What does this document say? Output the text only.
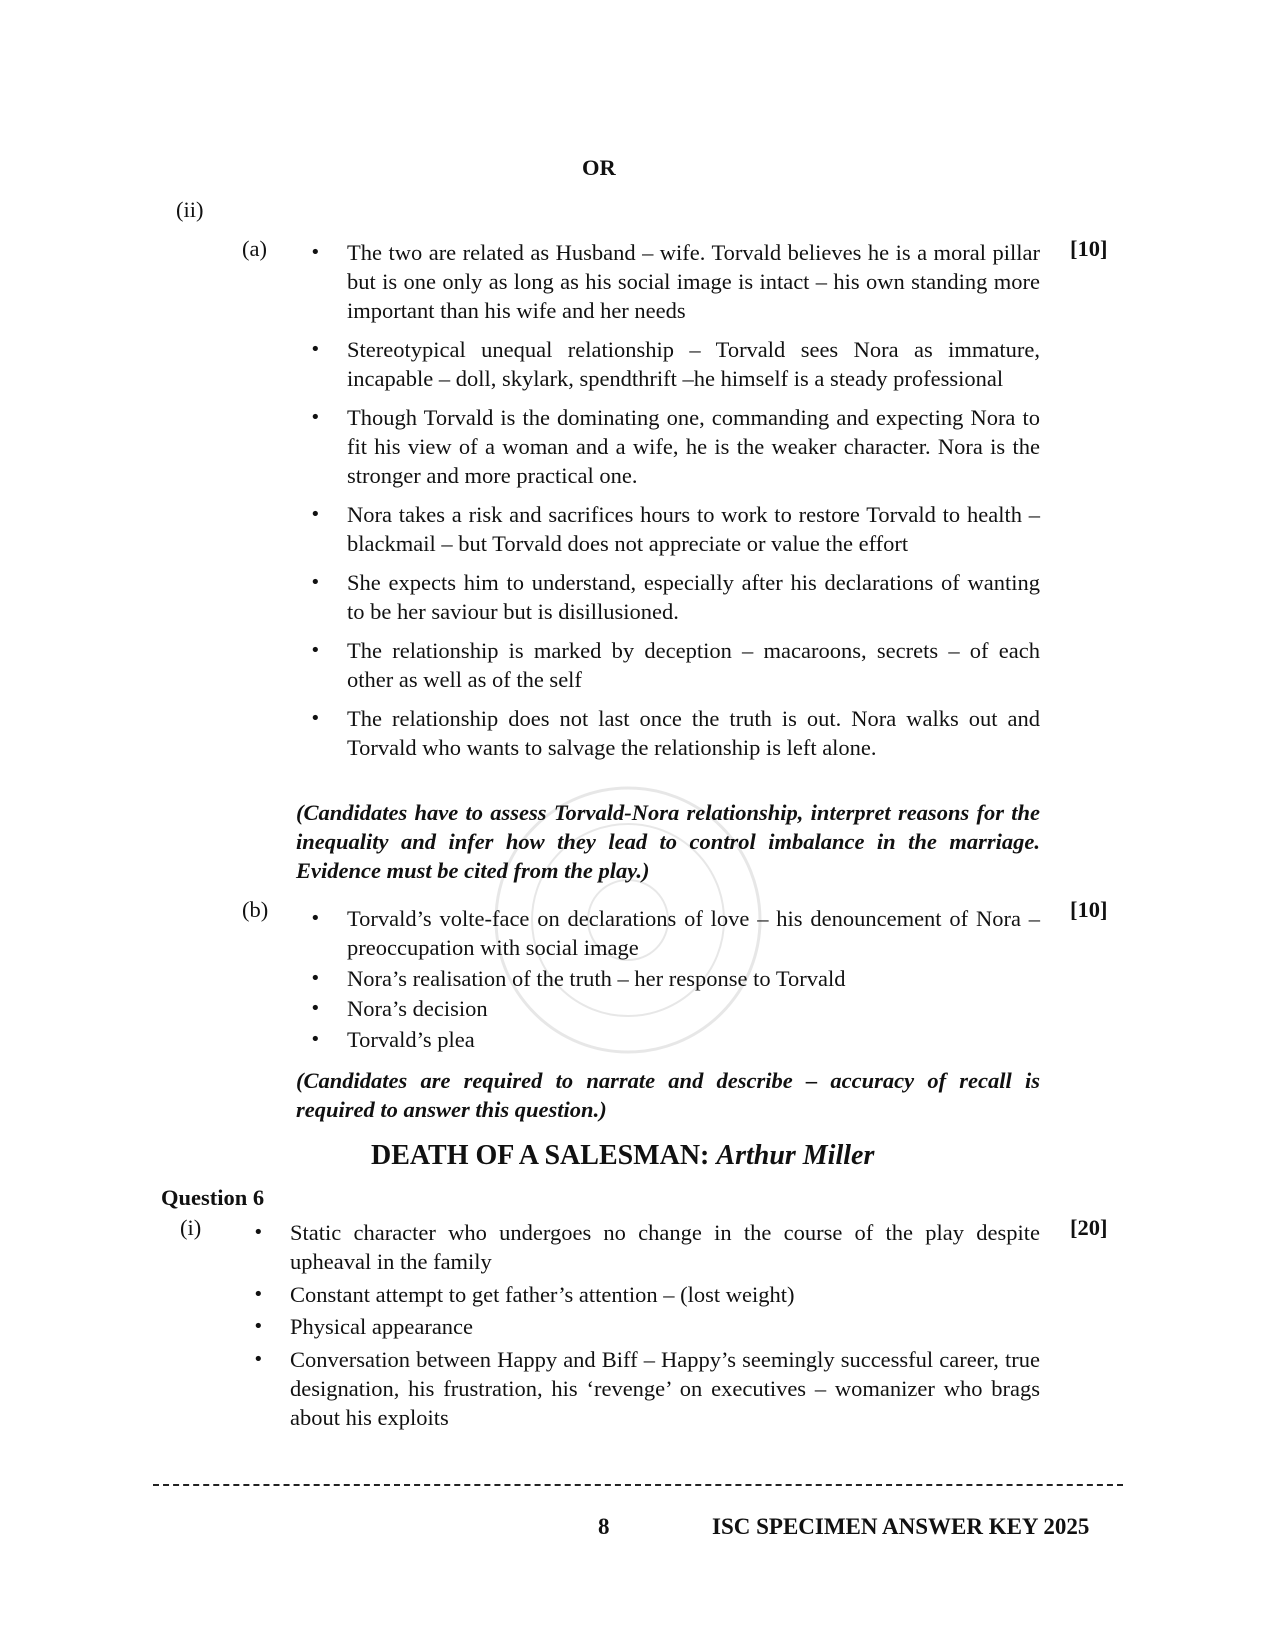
OR
(ii)
(a)	[10]
• The two are related as Husband – wife. Torvald believes he is a moral pillar but is one only as long as his social image is intact – his own standing more important than his wife and her needs
• Stereotypical unequal relationship – Torvald sees Nora as immature, incapable – doll, skylark, spendthrift –he himself is a steady professional
• Though Torvald is the dominating one, commanding and expecting Nora to fit his view of a woman and a wife, he is the weaker character. Nora is the stronger and more practical one.
• Nora takes a risk and sacrifices hours to work to restore Torvald to health – blackmail – but Torvald does not appreciate or value the effort
• She expects him to understand, especially after his declarations of wanting to be her saviour but is disillusioned.
• The relationship is marked by deception – macaroons, secrets – of each other as well as of the self
• The relationship does not last once the truth is out. Nora walks out and Torvald who wants to salvage the relationship is left alone.
(Candidates have to assess Torvald-Nora relationship, interpret reasons for the inequality and infer how they lead to control imbalance in the marriage. Evidence must be cited from the play.)
(b)	[10]
• Torvald’s volte-face on declarations of love – his denouncement of Nora – preoccupation with social image
• Nora’s realisation of the truth – her response to Torvald
• Nora’s decision
• Torvald’s plea
(Candidates are required to narrate and describe – accuracy of recall is required to answer this question.)
DEATH OF A SALESMAN: Arthur Miller
Question 6
(i)	[20]
• Static character who undergoes no change in the course of the play despite upheaval in the family
• Constant attempt to get father’s attention – (lost weight)
• Physical appearance
• Conversation between Happy and Biff – Happy’s seemingly successful career, true designation, his frustration, his ‘revenge’ on executives – womanizer who brags about his exploits
8	ISC SPECIMEN ANSWER KEY 2025
